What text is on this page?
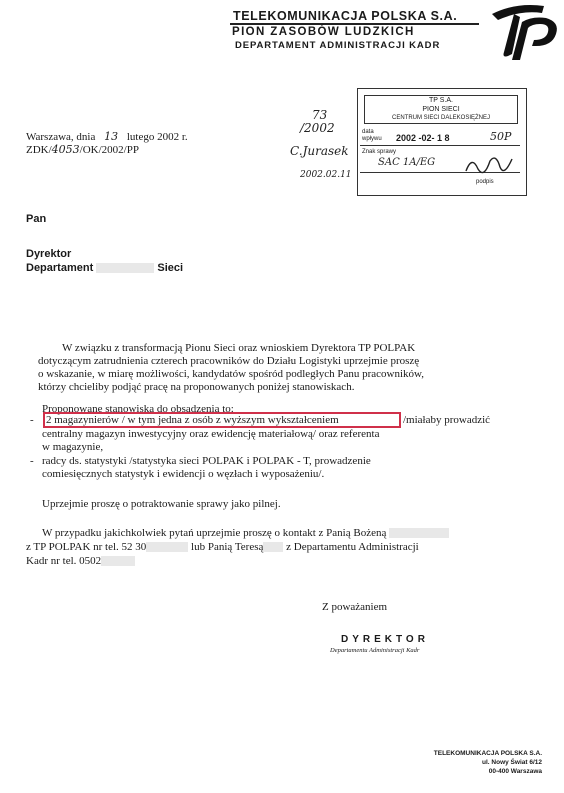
TELEKOMUNIKACJA POLSKA S.A.
PION ZASOBÓW LUDZKICH
DEPARTAMENT ADMINISTRACJI KADR
TP S.A.
PION SIECI
CENTRUM SIECI DALEKOSIĘŻNEJ
data
wpływu 2002 -02- 1 8	50P
Znak sprawy
SAC 1A/EG
podpis
73
/2002
C.Jurasek
2002.02.11
Warszawa, dnia 13 lutego 2002 r.
ZDK/4053/OK/2002/PP
Pan
Dyrektor
Departament	Sieci
W związku z transformacją Pionu Sieci oraz wnioskiem Dyrektora TP POLPAK
dotyczącym zatrudnienia czterech pracowników do Działu Logistyki uprzejmie proszę
o wskazanie, w miarę możliwości, kandydatów spośród podległych Panu pracowników,
którzy chcieliby podjąć pracę na proponowanych poniżej stanowiskach.
Proponowane stanowiska do obsadzenia to:
- 2 magazynierów / w tym jedna z osób z wyższym wykształceniem	/miałaby prowadzić
centralny magazyn inwestycyjny oraz ewidencję materiałową/ oraz referenta
w magazynie,
- radcy ds. statystyki /statystyka sieci POLPAK i POLPAK - T, prowadzenie
comiesięcznych statystyk i ewidencji o węzłach i wyposażeniu/.
Uprzejmie proszę o potraktowanie sprawy jako pilnej.
W przypadku jakichkolwiek pytań uprzejmie proszę o kontakt z Panią Bożeną
z TP POLPAK nr tel. 52 30	lub Panią Teresą z Departamentu Administracji
Kadr nr tel. 0502
Z poważaniem
DYREKTOR
Departamentu Administracji Kadr
TELEKOMUNIKACJA POLSKA S.A.
ul. Nowy Świat 6/12
00-400 Warszawa
